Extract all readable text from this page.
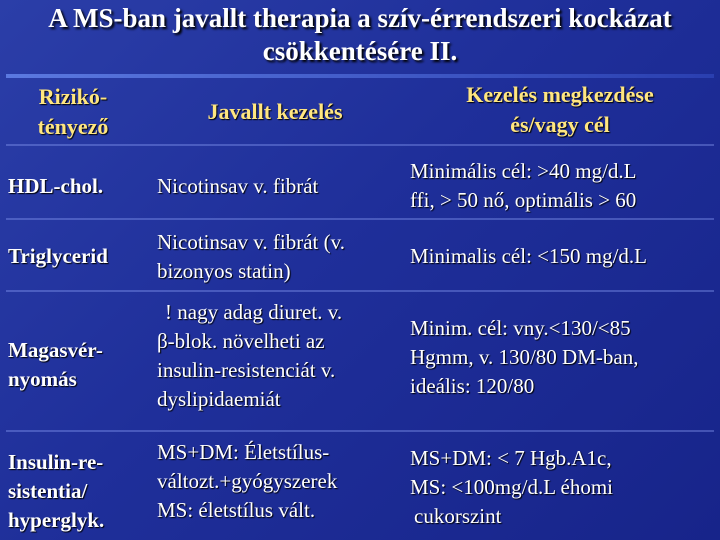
A MS-ban javallt therapia a szív-érrendszeri kockázat
csökkentésére II.
Rizikó-
tényező
Javallt kezelés
Kezelés megkezdése
és/vagy cél
HDL-chol.	Nicotinsav v. fibrát
Minimális cél: >40 mg/d.L
ffi, > 50 nő, optimális > 60
Triglycerid
Nicotinsav v. fibrát (v.
bizonyos statin)
Minimalis cél: <150 mg/d.L
Magasvér-
nyomás
! nagy adag diuret. v.
β-blok. növelheti az
insulin-resistenciát v.
dyslipidaemiát
Minim. cél: vny.<130/<85
Hgmm, v. 130/80 DM-ban,
ideális: 120/80
Insulin-re-
sistentia/
hyperglyk.
MS+DM: Életstílus-
változt.+gyógyszerek
MS: életstílus vált.
MS+DM: < 7 Hgb.A1c,
MS: <100mg/d.L éhomi
cukorszint
